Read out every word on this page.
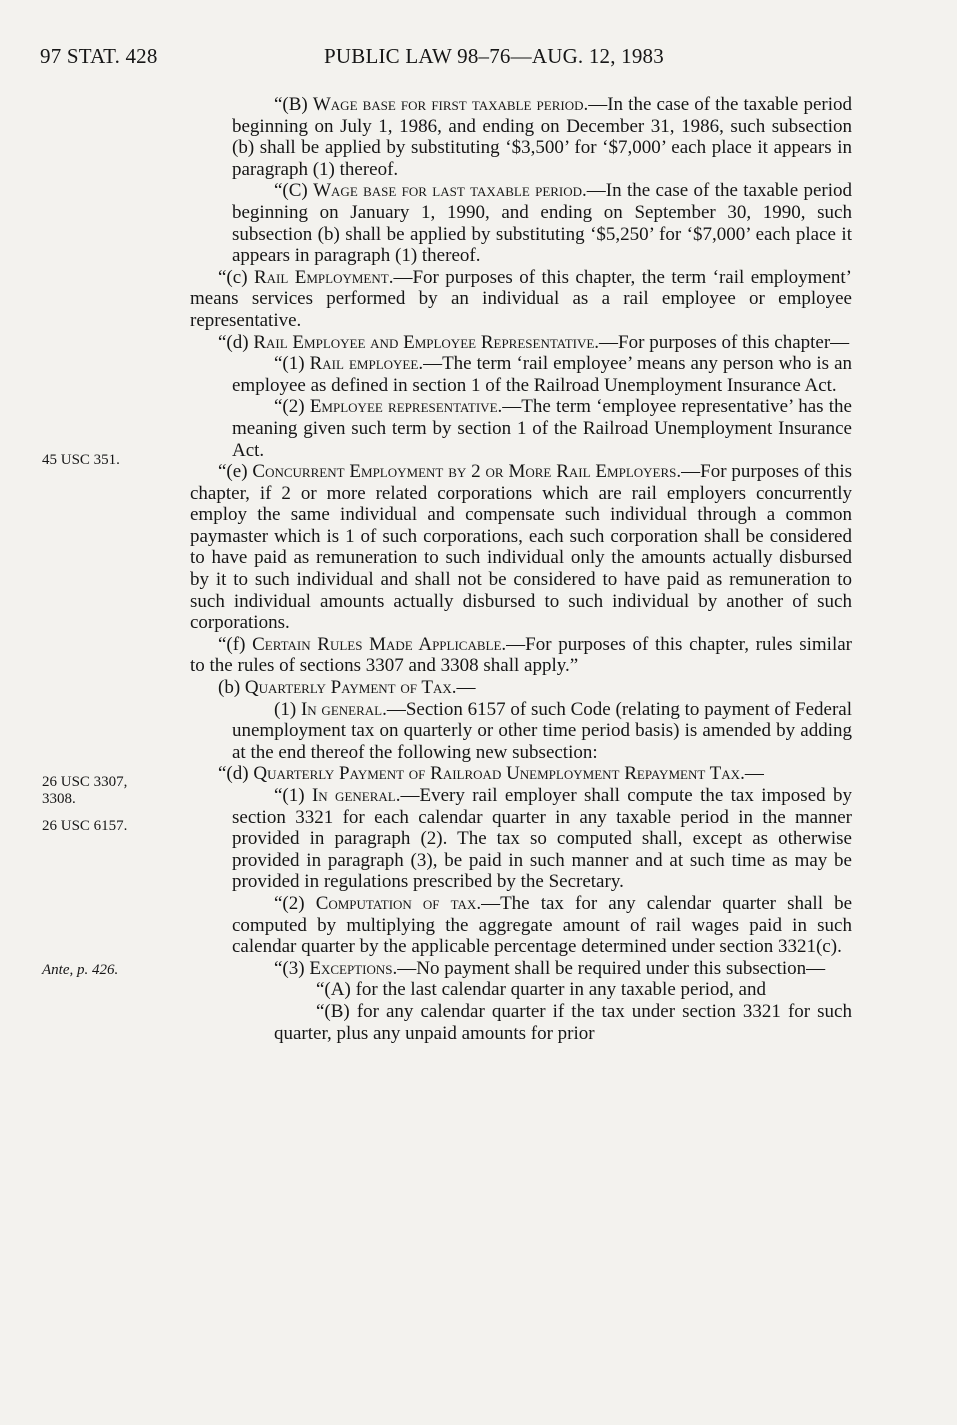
97 STAT. 428	PUBLIC LAW 98–76—AUG. 12, 1983

“(B) Wage base for first taxable period.—In the case of the taxable period beginning on July 1, 1986, and ending on December 31, 1986, such subsection (b) shall be applied by substituting ‘$3,500’ for ‘$7,000’ each place it appears in paragraph (1) thereof.

“(C) Wage base for last taxable period.—In the case of the taxable period beginning on January 1, 1990, and ending on September 30, 1990, such subsection (b) shall be applied by substituting ‘$5,250’ for ‘$7,000’ each place it appears in paragraph (1) thereof.

“(c) Rail Employment.—For purposes of this chapter, the term ‘rail employment’ means services performed by an individual as a rail employee or employee representative.

“(d) Rail Employee and Employee Representative.—For purposes of this chapter—

“(1) Rail employee.—The term ‘rail employee’ means any person who is an employee as defined in section 1 of the Railroad Unemployment Insurance Act.

“(2) Employee representative.—The term ‘employee representative’ has the meaning given such term by section 1 of the Railroad Unemployment Insurance Act.

“(e) Concurrent Employment by 2 or More Rail Employers.—For purposes of this chapter, if 2 or more related corporations which are rail employers concurrently employ the same individual and compensate such individual through a common paymaster which is 1 of such corporations, each such corporation shall be considered to have paid as remuneration to such individual only the amounts actually disbursed by it to such individual and shall not be considered to have paid as remuneration to such individual amounts actually disbursed to such individual by another of such corporations.

“(f) Certain Rules Made Applicable.—For purposes of this chapter, rules similar to the rules of sections 3307 and 3308 shall apply.”

(b) Quarterly Payment of Tax.—

(1) In general.—Section 6157 of such Code (relating to payment of Federal unemployment tax on quarterly or other time period basis) is amended by adding at the end thereof the following new subsection:

“(d) Quarterly Payment of Railroad Unemployment Repayment Tax.—

“(1) In general.—Every rail employer shall compute the tax imposed by section 3321 for each calendar quarter in any taxable period in the manner provided in paragraph (2). The tax so computed shall, except as otherwise provided in paragraph (3), be paid in such manner and at such time as may be provided in regulations prescribed by the Secretary.

“(2) Computation of tax.—The tax for any calendar quarter shall be computed by multiplying the aggregate amount of rail wages paid in such calendar quarter by the applicable percentage determined under section 3321(c).

“(3) Exceptions.—No payment shall be required under this subsection—

“(A) for the last calendar quarter in any taxable period, and

“(B) for any calendar quarter if the tax under section 3321 for such quarter, plus any unpaid amounts for prior

45 USC 351.
26 USC 3307, 3308.
26 USC 6157.
Ante, p. 426.
